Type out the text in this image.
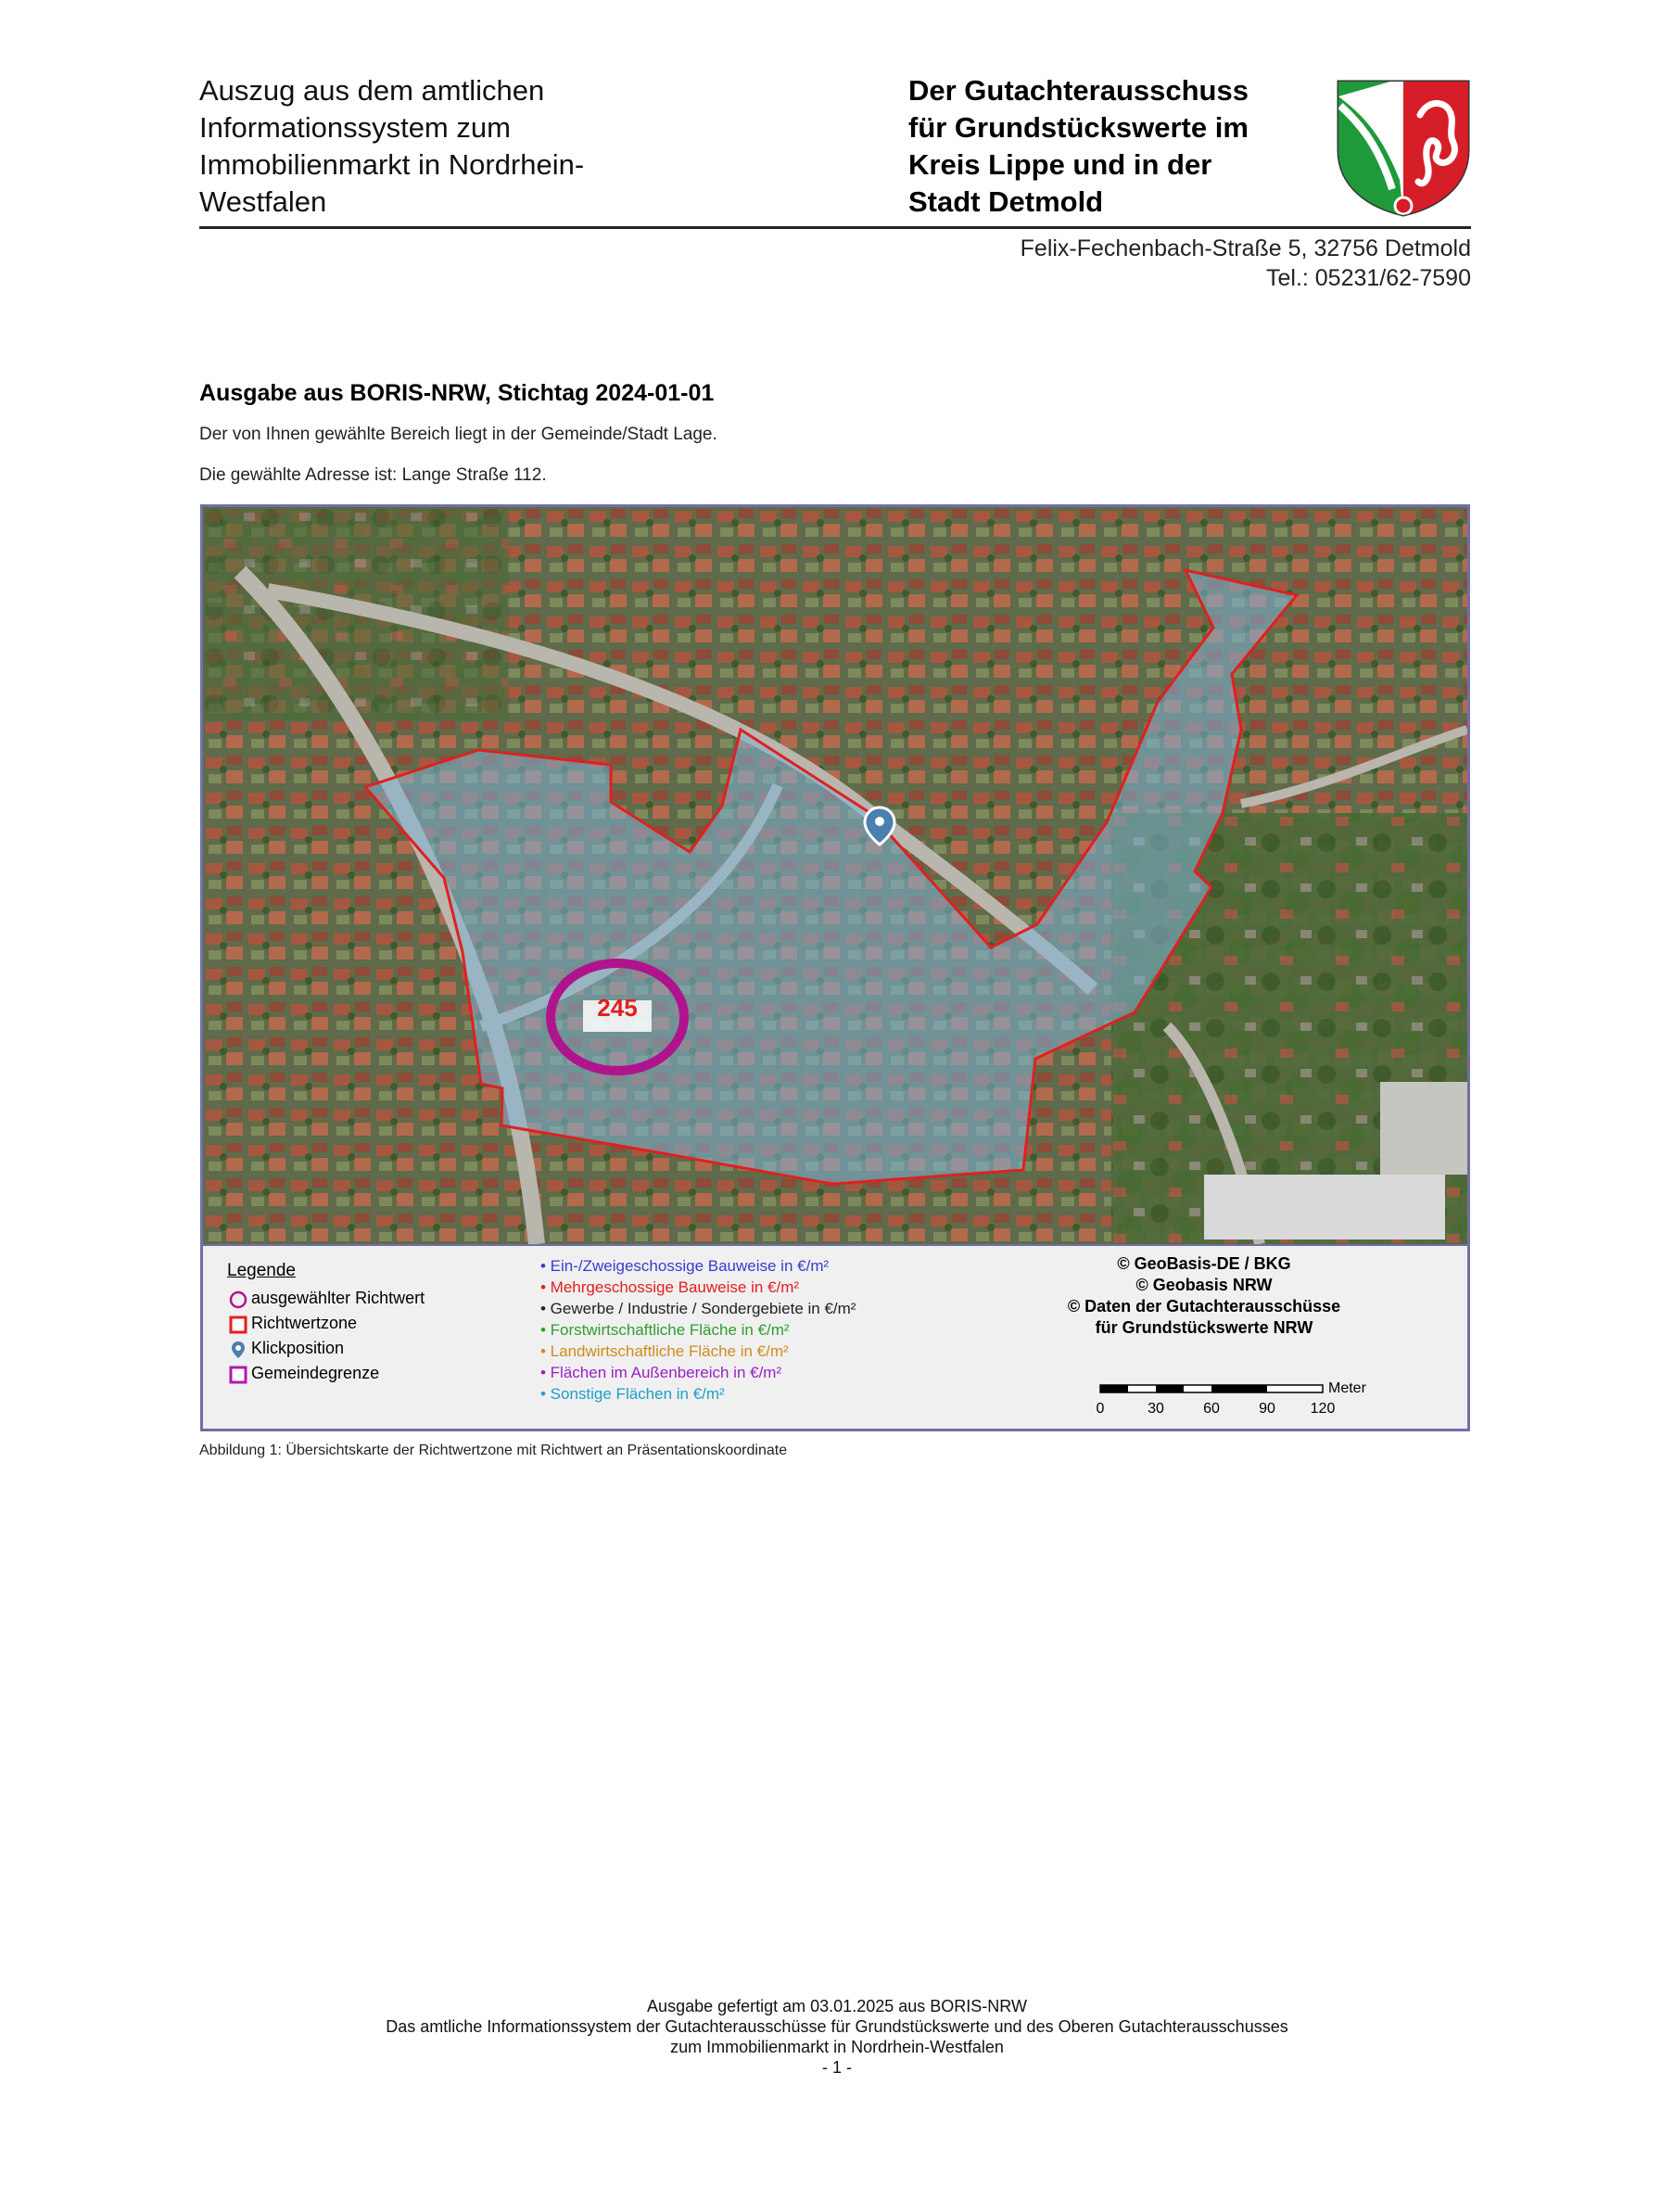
Auszug aus dem amtlichen
Informationssystem zum
Immobilienmarkt in Nordrhein-
Westfalen
Der Gutachterausschuss
für Grundstückswerte im
Kreis Lippe und in der
Stadt Detmold
Felix-Fechenbach-Straße 5, 32756 Detmold
Tel.: 05231/62-7590
Ausgabe aus BORIS-NRW, Stichtag 2024-01-01
Der von Ihnen gewählte Bereich liegt in der Gemeinde/Stadt Lage.
Die gewählte Adresse ist: Lange Straße 112.
245
Legende
ausgewählter Richtwert
Richtwertzone
Klickposition
Gemeindegrenze
• Ein-/Zweigeschossige Bauweise in €/m²
• Mehrgeschossige Bauweise in €/m²
• Gewerbe / Industrie / Sondergebiete in €/m²
• Forstwirtschaftliche Fläche in €/m²
• Landwirtschaftliche Fläche in €/m²
• Flächen im Außenbereich in €/m²
• Sonstige Flächen in €/m²
© GeoBasis-DE / BKG
© Geobasis NRW
© Daten der Gutachterausschüsse
für Grundstückswerte NRW
Meter
0	30	60	90 120
Abbildung 1: Übersichtskarte der Richtwertzone mit Richtwert an Präsentationskoordinate
Ausgabe gefertigt am 03.01.2025 aus BORIS-NRW
Das amtliche Informationssystem der Gutachterausschüsse für Grundstückswerte und des Oberen Gutachterausschusses
zum Immobilienmarkt in Nordrhein-Westfalen
- 1 -
